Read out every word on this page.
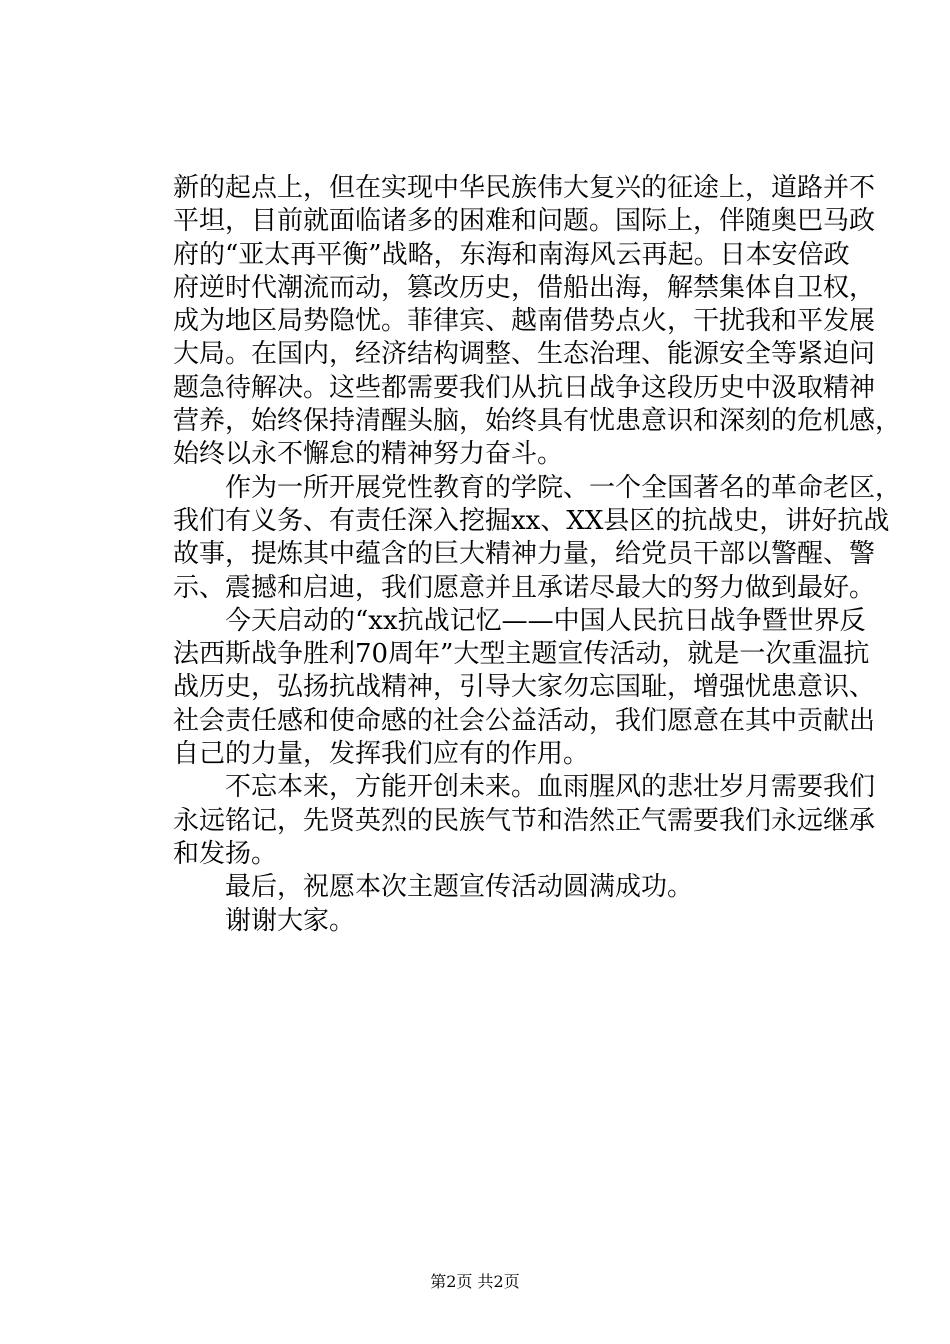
新的起点上，但在实现中华民族伟大复兴的征途上，道路并不
平坦，目前就面临诸多的困难和问题。国际上，伴随奥巴马政
府的“亚太再平衡”战略，东海和南海风云再起。日本安倍政
府逆时代潮流而动，篡改历史，借船出海，解禁集体自卫权，
成为地区局势隐忧。菲律宾、越南借势点火，干扰我和平发展
大局。在国内，经济结构调整、生态治理、能源安全等紧迫问
题急待解决。这些都需要我们从抗日战争这段历史中汲取精神
营养，始终保持清醒头脑，始终具有忧患意识和深刻的危机感，
始终以永不懈怠的精神努力奋斗。
　　作为一所开展党性教育的学院、一个全国著名的革命老区，
我们有义务、有责任深入挖掘xx、XX县区的抗战史，讲好抗战
故事，提炼其中蕴含的巨大精神力量，给党员干部以警醒、警
示、震撼和启迪，我们愿意并且承诺尽最大的努力做到最好。
　　今天启动的“xx抗战记忆——中国人民抗日战争暨世界反
法西斯战争胜利70周年”大型主题宣传活动，就是一次重温抗
战历史，弘扬抗战精神，引导大家勿忘国耻，增强忧患意识、
社会责任感和使命感的社会公益活动，我们愿意在其中贡献出
自己的力量，发挥我们应有的作用。
　　不忘本来，方能开创未来。血雨腥风的悲壮岁月需要我们
永远铭记，先贤英烈的民族气节和浩然正气需要我们永远继承
和发扬。
　　最后，祝愿本次主题宣传活动圆满成功。
　　谢谢大家。
第2页 共2页
